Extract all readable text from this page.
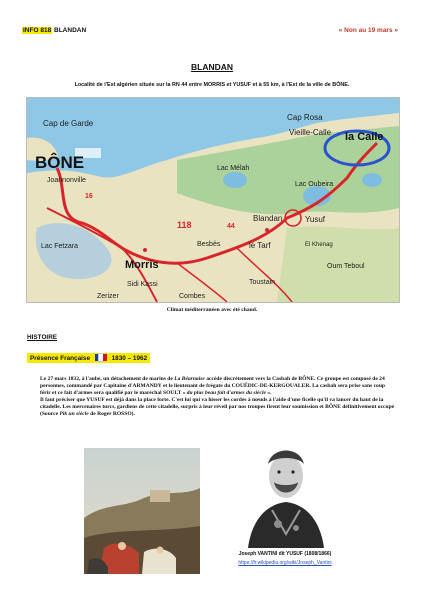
INFO 818 BLANDAN	« Non au 19 mars »
BLANDAN
Localité de l'Est algérien située sur la RN 44 entre MORRIS et YUSUF et à 55 km, à l'Est de la ville de BÔNE.
Cap de Garde
BÔNE
Joannonville
Cap Rosa
Vieille-Calle la Calle
Lac Mélah
Lac Oubeira
Morris
Blandan	Yusuf
le Tarf
Besbès
Sidi Kassi
Zerizer	Combes
Toustain
Oum Teboul
Lac Fetzara	El Khenag
118	44
16
Climat méditerranéen avec été chaud.
HISTOIRE
Présence Française	1830 – 1962

Le 27 mars 1832, à l'aube, un détachement de marins de La Béarnaise accède discrètement vers la Casbah de BÔNE. Ce groupe est composé de 24 personnes, commandé par Capitaine d'ARMANDY et le lieutenant de frégate du COUËDIC-DE-KERGOUALER. La casbah sera prise sans coup férir et ce fait d'armes sera qualifié par le maréchal SOULT « du plus beau fait d'armes du siècle ».

Il faut préciser que YUSUF est déjà dans la place forte. C'est lui qui va hisser les cordes à nœuds à l'aide d'une ficelle qu'il va lancer du haut de la citadelle. Les mercenaires turcs, gardiens de cette citadelle, surpris à leur réveil par nos troupes firent leur soumission et BÔNE définitivement occupé (Source Pik un siècle de Roger ROSSO).

Joseph VANTINI dit YUSUF (1808/1866)
https://fr.wikipedia.org/wiki/Joseph_Vantini
